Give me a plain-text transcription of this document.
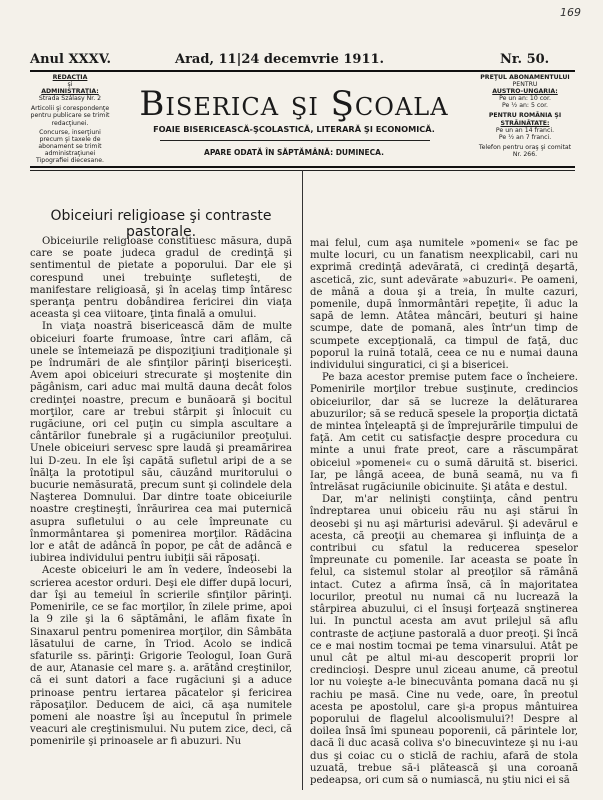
169
Anul XXXV.	Arad, 11|24 decemvrie 1911.	Nr. 50.
REDACŢIA
şi
ADMINISTRAŢIA:
Strada Szálasy Nr. 2
Articolii şi corespondenţe pentru publicare se trimit redacţiunei.
Concurse, inserţiuni precum şi taxele de abonament se trimit administraţiunei Tipografiei diecesane.
Biserica şi Şcoala
FOAIE BISERICEASCĂ-ŞCOLASTICĂ, LITERARĂ ŞI ECONOMICĂ.
APARE ODATĂ ÎN SĂPTĂMÂNĂ: DUMINECA.
PREŢUL ABONAMENTULUI
PENTRU
AUSTRO-UNGARIA:
Pe un an: 10 cor.
Pe ½ an: 5 cor.
PENTRU ROMÂNIA ŞI
STRĂINĂTATE:
Pe un an 14 franci.
Pe ½ an 7 franci.
Telefon pentru oraş şi comitat Nr. 266.
Obiceiuri religioase şi contraste pastorale.

Obiceiurile religioase constituesc măsura, după care se poate judeca gradul de credinţă şi sentimentul de pietate a poporului. Dar ele şi corespund unei trebuinţe sufleteşti, de manifestare religioasă, şi în acelaş timp întăresc speranţa pentru dobândirea fericirei din viaţa aceasta şi cea viitoare, ţinta finală a omului.

In viaţa noastră bisericească dăm de multe obiceiuri foarte frumoase, între cari aflăm, că unele se întemeiază pe dispoziţiuni tradiţionale şi pe îndrumări de ale sfinţilor părinţi bisericeşti. Avem apoi obiceiuri strecurate şi moştenite din păgânism, cari aduc mai multă dauna decât folos credinţei noastre, precum e bunăoară şi bocitul morţilor, care ar trebui stârpit şi înlocuit cu rugăciune, ori cel puţin cu simpla ascultare a cântărilor funebrale şi a rugăciunilor preoţului. Unele obiceiuri servesc spre laudă şi preamărirea lui D-zeu. In ele îşi capătă sufletul aripi de a se înălţa la prototipul său, căuzând muritorului o bucurie nemăsurată, precum sunt şi colindele dela Naşterea Domnului. Dar dintre toate obiceiurile noastre creştineşti, înrăurirea cea mai puternică asupra sufletului o au cele împreunate cu înmormântarea şi pomenirea morţilor. Rădăcina lor e atât de adâncă în popor, pe cât de adâncă e iubirea individului pentru iubiţii săi răposaţi.

Aceste obiceiuri le am în vedere, îndeosebi la scrierea acestor orduri. Deşi ele differ după locuri, dar îşi au temeiul în scrierile sfinţilor părinţi. Pomenirile, ce se fac morţilor, în zilele prime, apoi la 9 zile şi la 6 săptămâni, le aflăm fixate în Sinaxarul pentru pomenirea morţilor, din Sâmbăta lăsatului de carne, în Triod. Acolo se indică sfaturile ss. părinţi: Grigorie Teologul, Ioan Gură de aur, Atanasie cel mare ş. a. arătând creştinilor, că ei sunt datori a face rugăciuni şi a aduce prinoase pentru iertarea păcatelor şi fericirea răposaţilor. Deducem de aici, că aşa numitele pomeni ale noastre îşi au începutul în primele veacuri ale creştinismului. Nu putem zice, deci, că pomenirile şi prinoasele ar fi abuzuri. Nu

mai felul, cum aşa numitele »pomeni« se fac pe multe locuri, cu un fanatism neexplicabil, cari nu exprimă credinţă adevărată, ci credinţă deşartă, ascetică, zic, sunt adevărate »abuzuri«. Pe oameni, de mână a doua şi a treia, în multe cazuri, pomenile, după înmormântări repeţite, îi aduc la sapă de lemn. Atâtea mâncări, beuturi şi haine scumpe, date de pomană, ales într'un timp de scumpete excepţională, ca timpul de faţă, duc poporul la ruină totală, ceea ce nu e numai dauna individului singuratici, ci şi a bisericei.

Pe baza acestor premise putem face o încheiere. Pomenirile morţilor trebue susţinute, credincios obiceiurilor, dar să se lucreze la delăturarea abuzurilor; să se reducă spesele la proporţia dictată de mintea înţeleaptă şi de împrejurările timpului de faţă. Am cetit cu satisfacţie despre procedura cu minte a unui frate preot, care a răscumpărat obiceiul »pomenei« cu o sumă dăruită st. biserici. Iar, pe lângă aceea, de bună seamă, nu va fi întrelăsat rugăciunile obicinuite. Şi atâta e destul.

Dar, m'ar nelinişti conştiinţa, când pentru îndreptarea unui obiceiu rău nu aşi stărui în deosebi şi nu aşi mărturisi adevărul. Şi adevărul e acesta, că preoţii au chemarea şi influinţa de a contribui cu sfatul la reducerea speselor împreunate cu pomenile. Iar aceasta se poate în felul, ca sistemul stolar al preoţilor să rămână intact. Cutez a afirma însă, că în majoritatea locurilor, preotul nu numai că nu lucrează la stârpirea abuzului, ci el însuşi forţează snştinerea lui. In punctul acesta am avut prilejul să aflu contraste de acţiune pastorală a duor preoţi. Şi încă ce e mai nostim tocmai pe tema vinarsului. Atât pe unul cât pe altul mi-au descoperit proprii lor credincioşi. Despre unul ziceau anume, că preotul lor nu voieşte a-le binecuvânta pomana dacă nu şi rachiu pe masă. Cine nu vede, oare, în preotul acesta pe apostolul, care şi-a propus mântuirea poporului de flagelul alcoolismului?! Despre al doilea însă îmi spuneau poporenii, că părintele lor, dacă îi duc acasă coliva s'o binecuvinteze şi nu i-au dus şi coiac cu o sticlă de rachiu, afară de stola uzuată, trebue să-i plătească şi una coroană pedeapsa, ori cum să o numiască, nu ştiu nici ei să
